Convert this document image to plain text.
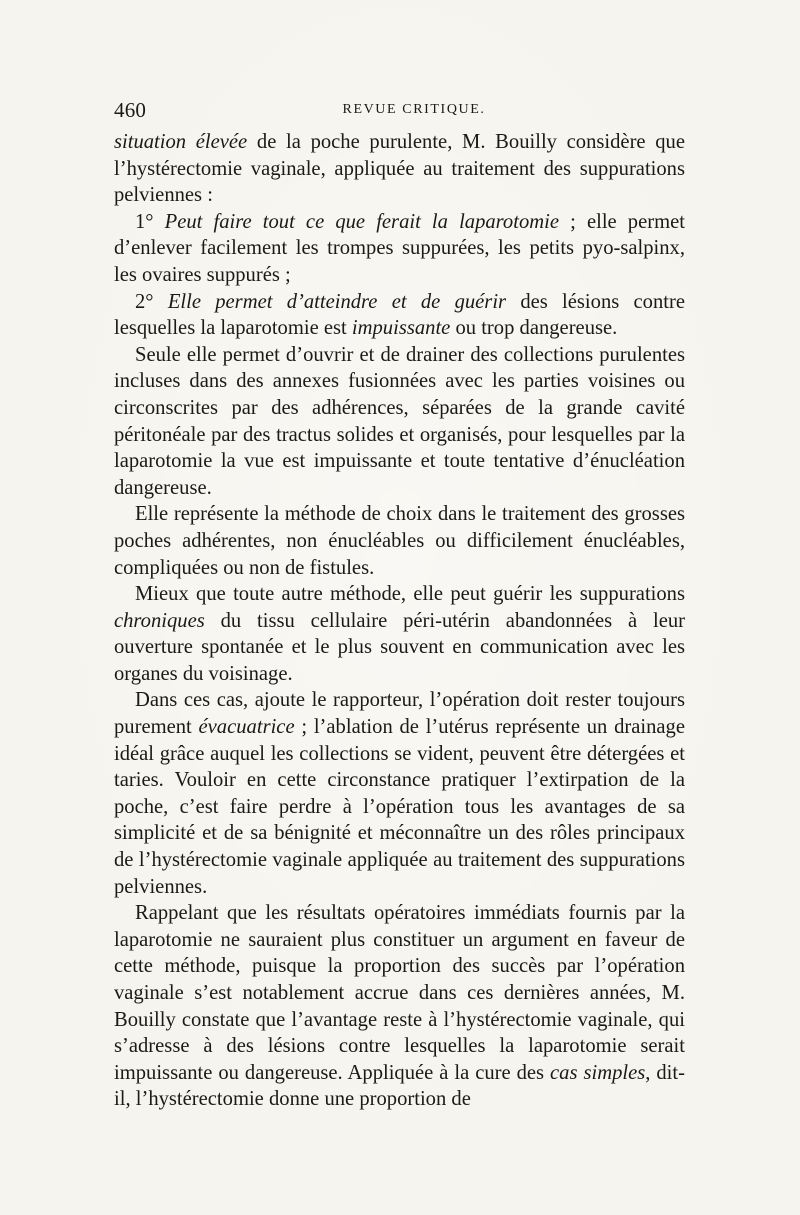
460	REVUE CRITIQUE.

situation élevée de la poche purulente, M. Bouilly considère que l’hystérectomie vaginale, appliquée au traitement des suppurations pelviennes :

1° Peut faire tout ce que ferait la laparotomie ; elle permet d’enlever facilement les trompes suppurées, les petits pyo-salpinx, les ovaires suppurés ;

2° Elle permet d’atteindre et de guérir des lésions contre lesquelles la laparotomie est impuissante ou trop dangereuse.

Seule elle permet d’ouvrir et de drainer des collections purulentes incluses dans des annexes fusionnées avec les parties voisines ou circonscrites par des adhérences, séparées de la grande cavité péritonéale par des tractus solides et organisés, pour lesquelles par la laparotomie la vue est impuissante et toute tentative d’énucléation dangereuse.

Elle représente la méthode de choix dans le traitement des grosses poches adhérentes, non énucléables ou difficilement énucléables, compliquées ou non de fistules.

Mieux que toute autre méthode, elle peut guérir les suppurations chroniques du tissu cellulaire péri-utérin abandonnées à leur ouverture spontanée et le plus souvent en communication avec les organes du voisinage.

Dans ces cas, ajoute le rapporteur, l’opération doit rester toujours purement évacuatrice ; l’ablation de l’utérus représente un drainage idéal grâce auquel les collections se vident, peuvent être détergées et taries. Vouloir en cette circonstance pratiquer l’extirpation de la poche, c’est faire perdre à l’opération tous les avantages de sa simplicité et de sa bénignité et méconnaître un des rôles principaux de l’hystérectomie vaginale appliquée au traitement des suppurations pelviennes.

Rappelant que les résultats opératoires immédiats fournis par la laparotomie ne sauraient plus constituer un argument en faveur de cette méthode, puisque la proportion des succès par l’opération vaginale s’est notablement accrue dans ces dernières années, M. Bouilly constate que l’avantage reste à l’hystérectomie vaginale, qui s’adresse à des lésions contre lesquelles la laparotomie serait impuissante ou dangereuse. Appliquée à la cure des cas simples, dit-il, l’hystérectomie donne une proportion de
